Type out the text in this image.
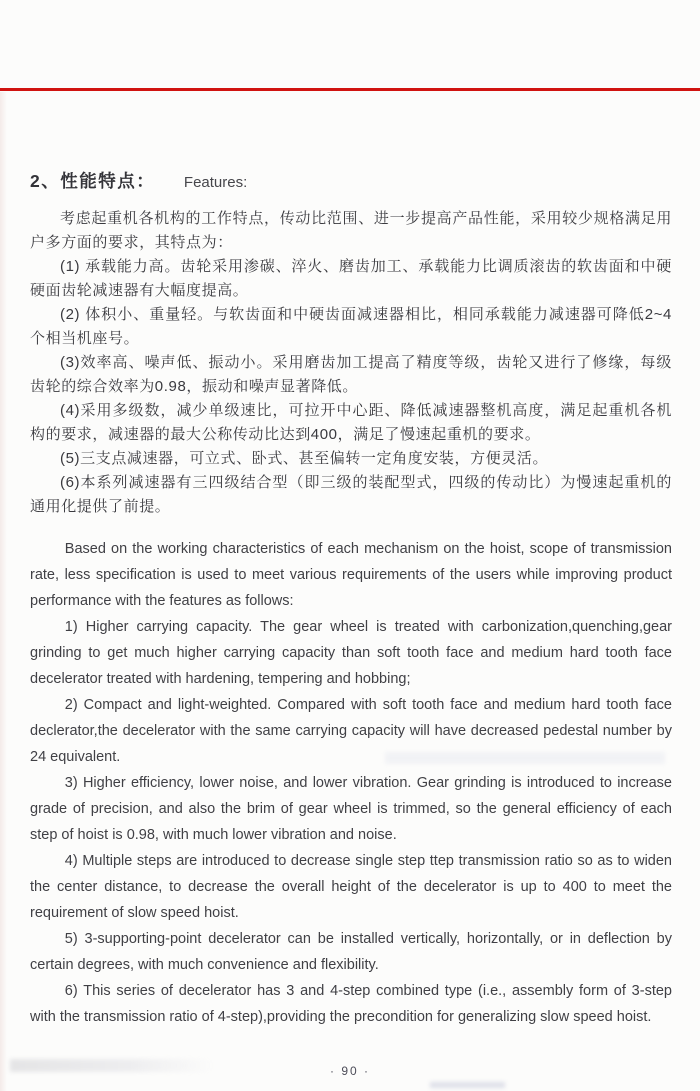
2、性能特点： Features:

考虑起重机各机构的工作特点，传动比范围、进一步提高产品性能，采用较少规格满足用户多方面的要求，其特点为：

(1) 承载能力高。齿轮采用渗碳、淬火、磨齿加工、承载能力比调质滚齿的软齿面和中硬硬面齿轮减速器有大幅度提高。

(2) 体积小、重量轻。与软齿面和中硬齿面减速器相比，相同承载能力减速器可降低2~4个相当机座号。

(3)效率高、噪声低、振动小。采用磨齿加工提高了精度等级，齿轮又进行了修缘，每级齿轮的综合效率为0.98，振动和噪声显著降低。

(4)采用多级数，减少单级速比，可拉开中心距、降低减速器整机高度，满足起重机各机构的要求，减速器的最大公称传动比达到400，满足了慢速起重机的要求。

(5)三支点减速器，可立式、卧式、甚至偏转一定角度安装，方便灵活。

(6)本系列减速器有三四级结合型（即三级的装配型式，四级的传动比）为慢速起重机的通用化提供了前提。

Based on the working characteristics of each mechanism on the hoist, scope of transmission rate, less specification is used to meet various requirements of the users while improving product performance with the features as follows:

1) Higher carrying capacity. The gear wheel is treated with carbonization,quenching,gear grinding to get much higher carrying capacity than soft tooth face and medium hard tooth face decelerator treated with hardening, tempering and hobbing;

2) Compact and light-weighted. Compared with soft tooth face and medium hard tooth face declerator,the decelerator with the same carrying capacity will have decreased pedestal number by 24 equivalent.

3) Higher efficiency, lower noise, and lower vibration. Gear grinding is introduced to increase grade of precision, and also the brim of gear wheel is trimmed, so the general efficiency of each step of hoist is 0.98, with much lower vibration and noise.

4) Multiple steps are introduced to decrease single step ttep transmission ratio so as to widen the center distance, to decrease the overall height of the decelerator is up to 400 to meet the requirement of slow speed hoist.

5) 3-supporting-point decelerator can be installed vertically, horizontally, or in deflection by certain degrees, with much convenience and flexibility.

6) This series of decelerator has 3 and 4-step combined type (i.e., assembly form of 3-step with the transmission ratio of 4-step),providing the precondition for generalizing slow speed hoist.

· 90 ·
